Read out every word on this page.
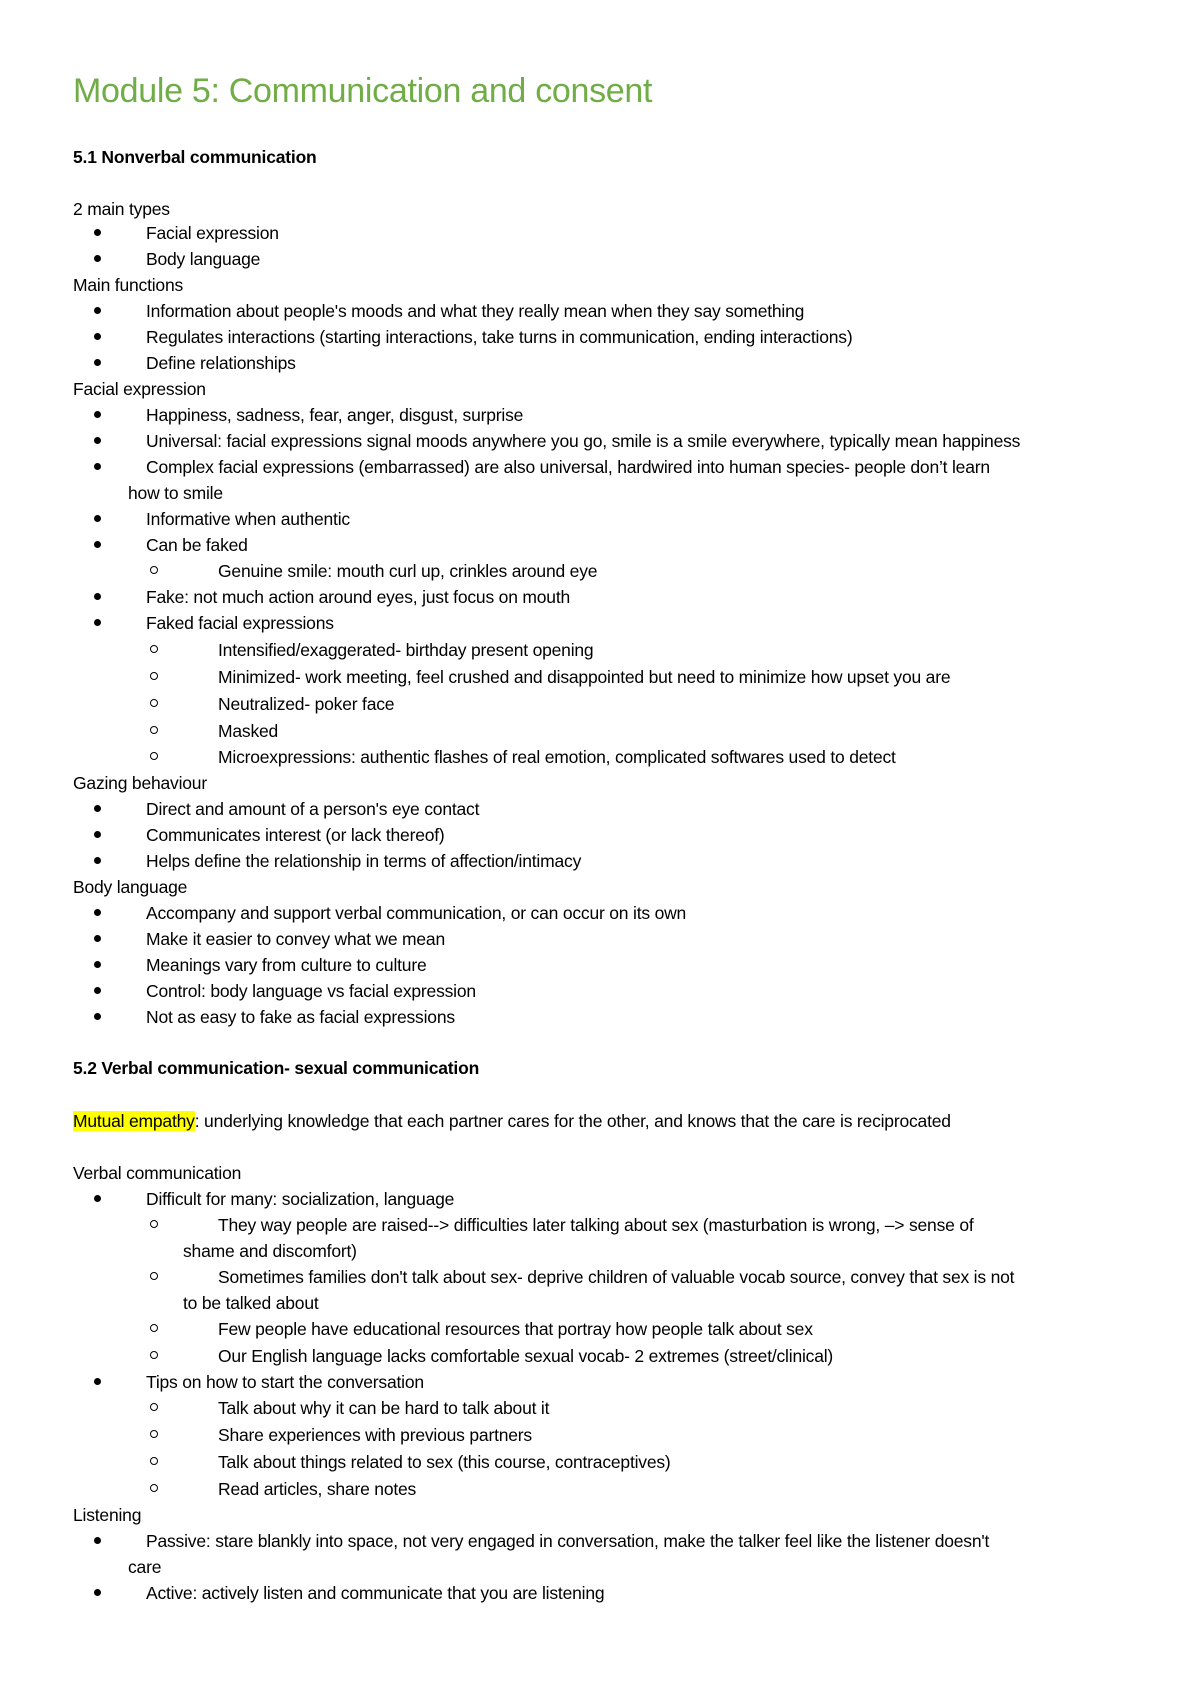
Module 5: Communication and consent
5.1 Nonverbal communication
2 main types
Facial expression
Body language
Main functions
Information about people's moods and what they really mean when they say something
Regulates interactions (starting interactions, take turns in communication, ending interactions)
Define relationships
Facial expression
Happiness, sadness, fear, anger, disgust, surprise
Universal: facial expressions signal moods anywhere you go, smile is a smile everywhere, typically mean happiness
Complex facial expressions (embarrassed) are also universal, hardwired into human species- people don’t learn
how to smile
Informative when authentic
Can be faked
Genuine smile: mouth curl up, crinkles around eye
Fake: not much action around eyes, just focus on mouth
Faked facial expressions
Intensified/exaggerated- birthday present opening
Minimized- work meeting, feel crushed and disappointed but need to minimize how upset you are
Neutralized- poker face
Masked
Microexpressions: authentic flashes of real emotion, complicated softwares used to detect
Gazing behaviour
Direct and amount of a person's eye contact
Communicates interest (or lack thereof)
Helps define the relationship in terms of affection/intimacy
Body language
Accompany and support verbal communication, or can occur on its own
Make it easier to convey what we mean
Meanings vary from culture to culture
Control: body language vs facial expression
Not as easy to fake as facial expressions
5.2 Verbal communication- sexual communication
Mutual empathy: underlying knowledge that each partner cares for the other, and knows that the care is reciprocated
Verbal communication
Difficult for many: socialization, language
They way people are raised--> difficulties later talking about sex (masturbation is wrong, –> sense of
shame and discomfort)
Sometimes families don't talk about sex- deprive children of valuable vocab source, convey that sex is not
to be talked about
Few people have educational resources that portray how people talk about sex
Our English language lacks comfortable sexual vocab- 2 extremes (street/clinical)
Tips on how to start the conversation
Talk about why it can be hard to talk about it
Share experiences with previous partners
Talk about things related to sex (this course, contraceptives)
Read articles, share notes
Listening
Passive: stare blankly into space, not very engaged in conversation, make the talker feel like the listener doesn't
care
Active: actively listen and communicate that you are listening
